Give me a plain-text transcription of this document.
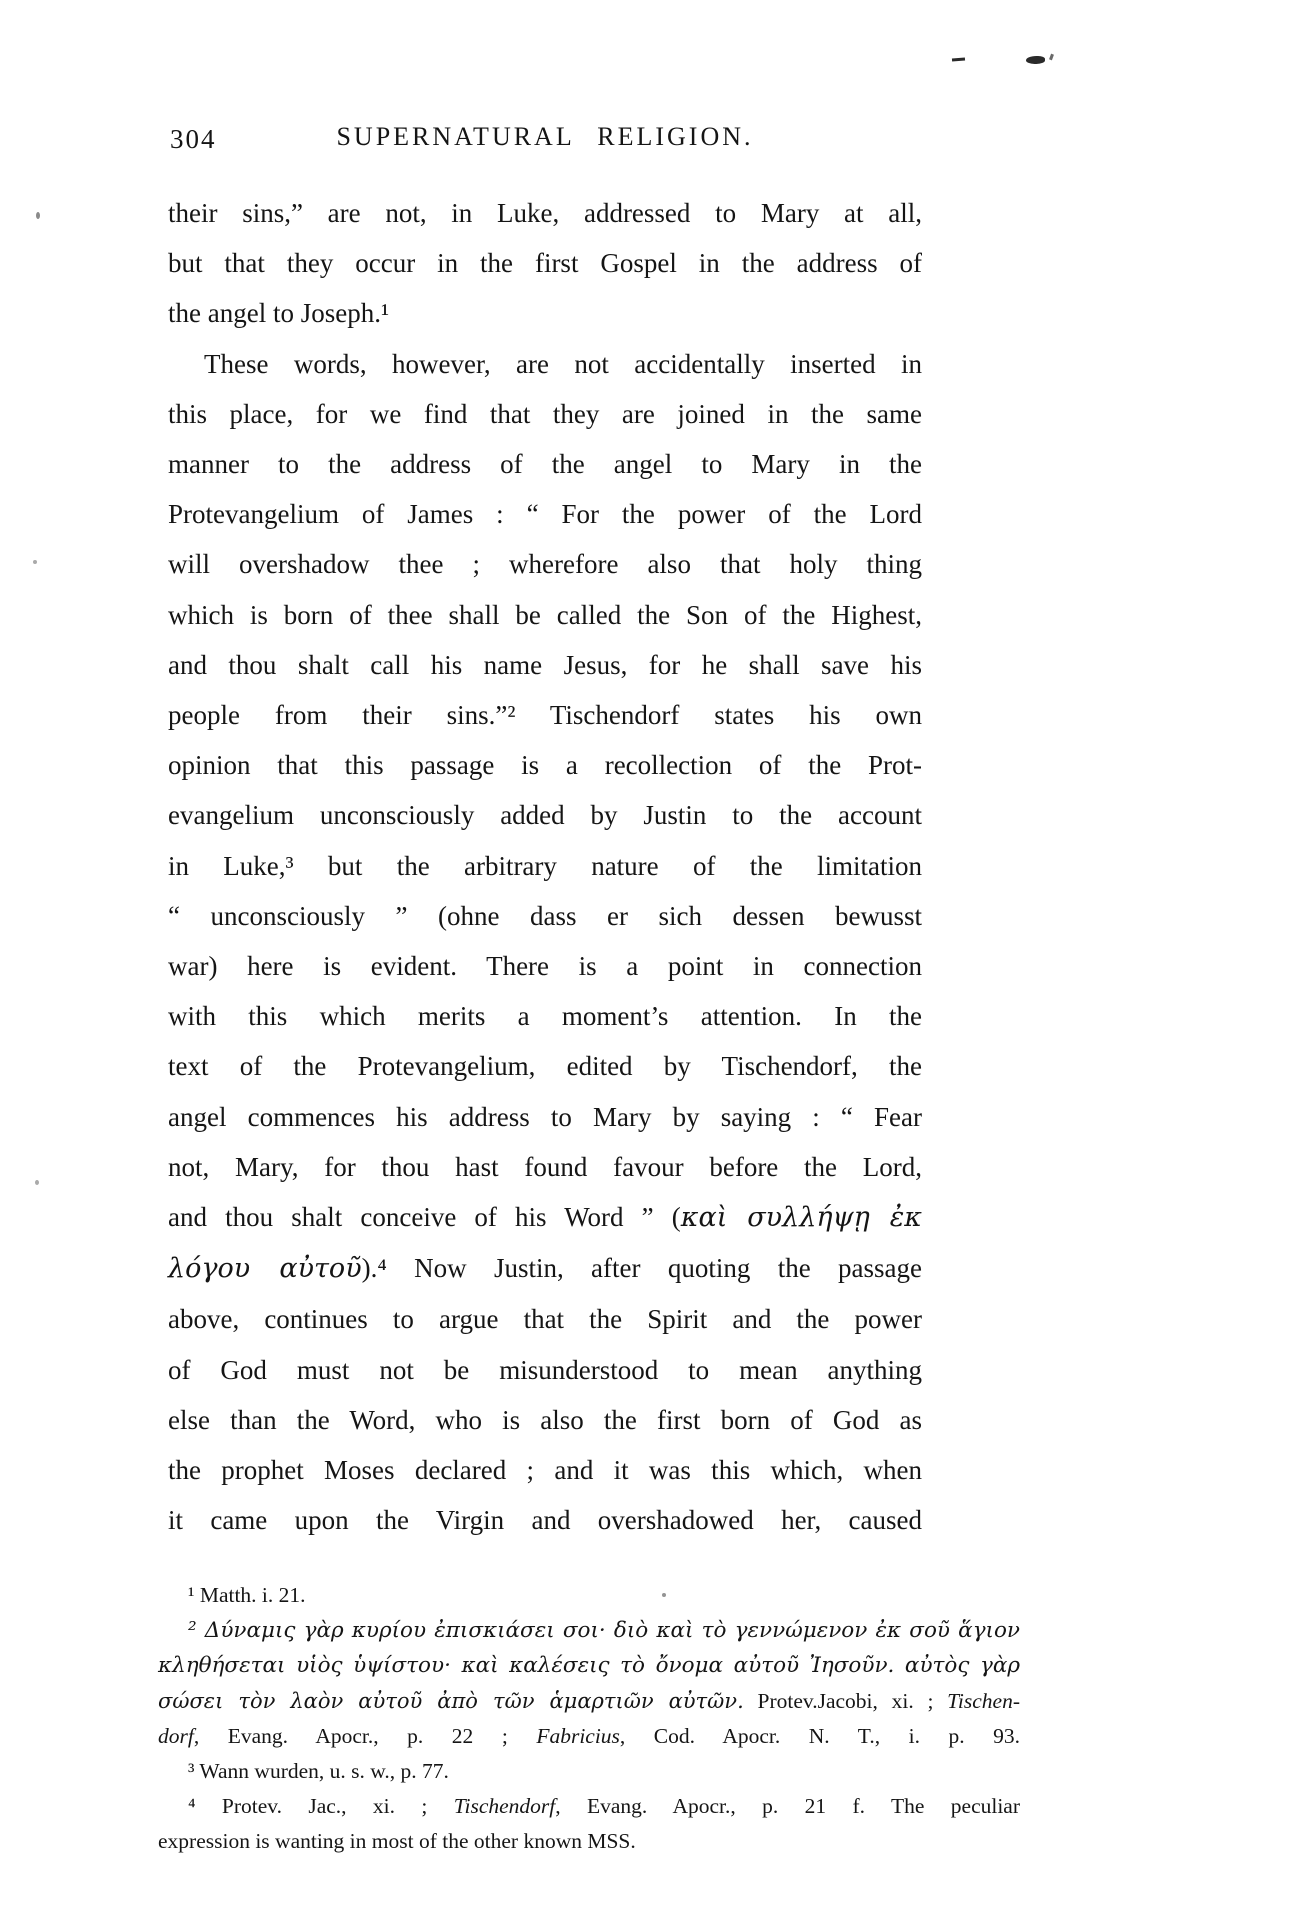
304	SUPERNATURAL RELIGION.
their sins,” are not, in Luke, addressed to Mary at all,
but that they occur in the first Gospel in the address of
the angel to Joseph.¹
These words, however, are not accidentally inserted in
this place, for we find that they are joined in the same
manner to the address of the angel to Mary in the
Protevangelium of James : “ For the power of the Lord
will overshadow thee ; wherefore also that holy thing
which is born of thee shall be called the Son of the Highest,
and thou shalt call his name Jesus, for he shall save his
people from their sins.”² Tischendorf states his own
opinion that this passage is a recollection of the Prot-
evangelium unconsciously added by Justin to the account
in Luke,³ but the arbitrary nature of the limitation
“ unconsciously ” (ohne dass er sich dessen bewusst
war) here is evident. There is a point in connection
with this which merits a moment’s attention. In the
text of the Protevangelium, edited by Tischendorf, the
angel commences his address to Mary by saying : “ Fear
not, Mary, for thou hast found favour before the Lord,
and thou shalt conceive of his Word ” (καὶ συλλήψῃ ἐκ
λόγου αὐτοῦ).⁴ Now Justin, after quoting the passage
above, continues to argue that the Spirit and the power
of God must not be misunderstood to mean anything
else than the Word, who is also the first born of God as
the prophet Moses declared ; and it was this which, when
it came upon the Virgin and overshadowed her, caused
¹ Matth. i. 21.
² Δύναμις γὰρ κυρίου ἐπισκιάσει σοι· διὸ καὶ τὸ γεννώμενον ἐκ σοῦ ἅγιον
κληθήσεται υἱὸς ὑψίστου· καὶ καλέσεις τὸ ὄνομα αὐτοῦ Ἰησοῦν. αὐτὸς γὰρ
σώσει τὸν λαὸν αὐτοῦ ἀπὸ τῶν ἁμαρτιῶν αὐτῶν. Protev.Jacobi, xi. ; Tischen-
dorf, Evang. Apocr., p. 22 ; Fabricius, Cod. Apocr. N. T., i. p. 93.
³ Wann wurden, u. s. w., p. 77.
⁴ Protev. Jac., xi. ; Tischendorf, Evang. Apocr., p. 21 f. The peculiar
expression is wanting in most of the other known MSS.
